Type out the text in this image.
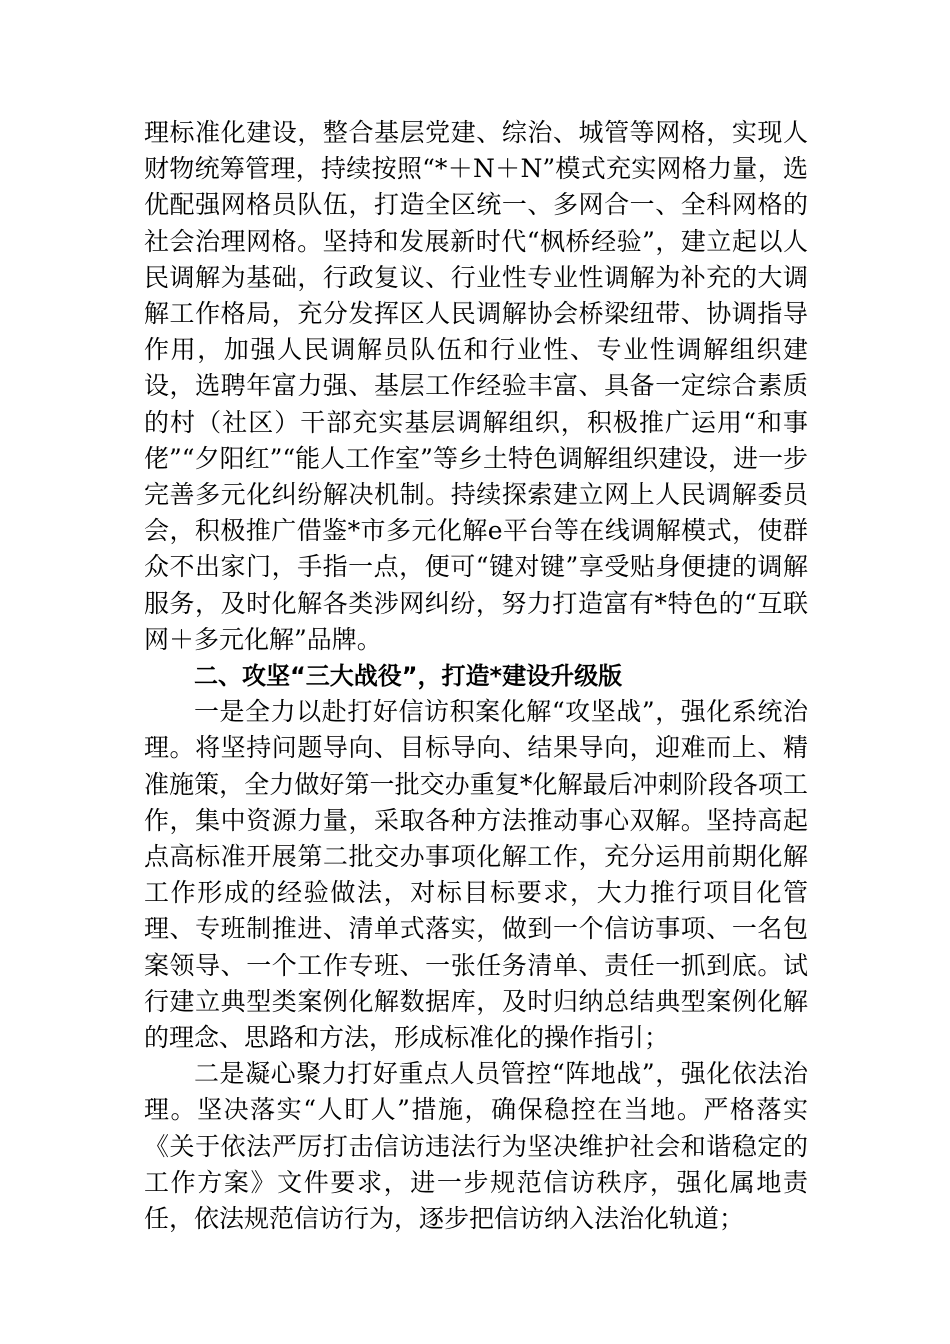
理标准化建设，整合基层党建、综治、城管等网格，实现人财物统筹管理，持续按照“*＋N＋N”模式充实网格力量，选优配强网格员队伍，打造全区统一、多网合一、全科网格的社会治理网格。坚持和发展新时代“枫桥经验”，建立起以人民调解为基础，行政复议、行业性专业性调解为补充的大调解工作格局，充分发挥区人民调解协会桥梁纽带、协调指导作用，加强人民调解员队伍和行业性、专业性调解组织建设，选聘年富力强、基层工作经验丰富、具备一定综合素质的村（社区）干部充实基层调解组织，积极推广运用“和事佬”“夕阳红”“能人工作室”等乡土特色调解组织建设，进一步完善多元化纠纷解决机制。持续探索建立网上人民调解委员会，积极推广借鉴*市多元化解e平台等在线调解模式，使群众不出家门，手指一点，便可“键对键”享受贴身便捷的调解服务，及时化解各类涉网纠纷，努力打造富有*特色的“互联网＋多元化解”品牌。

二、攻坚“三大战役”，打造*建设升级版

一是全力以赴打好信访积案化解“攻坚战”，强化系统治理。将坚持问题导向、目标导向、结果导向，迎难而上、精准施策，全力做好第一批交办重复*化解最后冲刺阶段各项工作，集中资源力量，采取各种方法推动事心双解。坚持高起点高标准开展第二批交办事项化解工作，充分运用前期化解工作形成的经验做法，对标目标要求，大力推行项目化管理、专班制推进、清单式落实，做到一个信访事项、一名包案领导、一个工作专班、一张任务清单、责任一抓到底。试行建立典型类案例化解数据库，及时归纳总结典型案例化解的理念、思路和方法，形成标准化的操作指引；

二是凝心聚力打好重点人员管控“阵地战”，强化依法治理。坚决落实“人盯人”措施，确保稳控在当地。严格落实《关于依法严厉打击信访违法行为坚决维护社会和谐稳定的工作方案》文件要求，进一步规范信访秩序，强化属地责任，依法规范信访行为，逐步把信访纳入法治化轨道；
